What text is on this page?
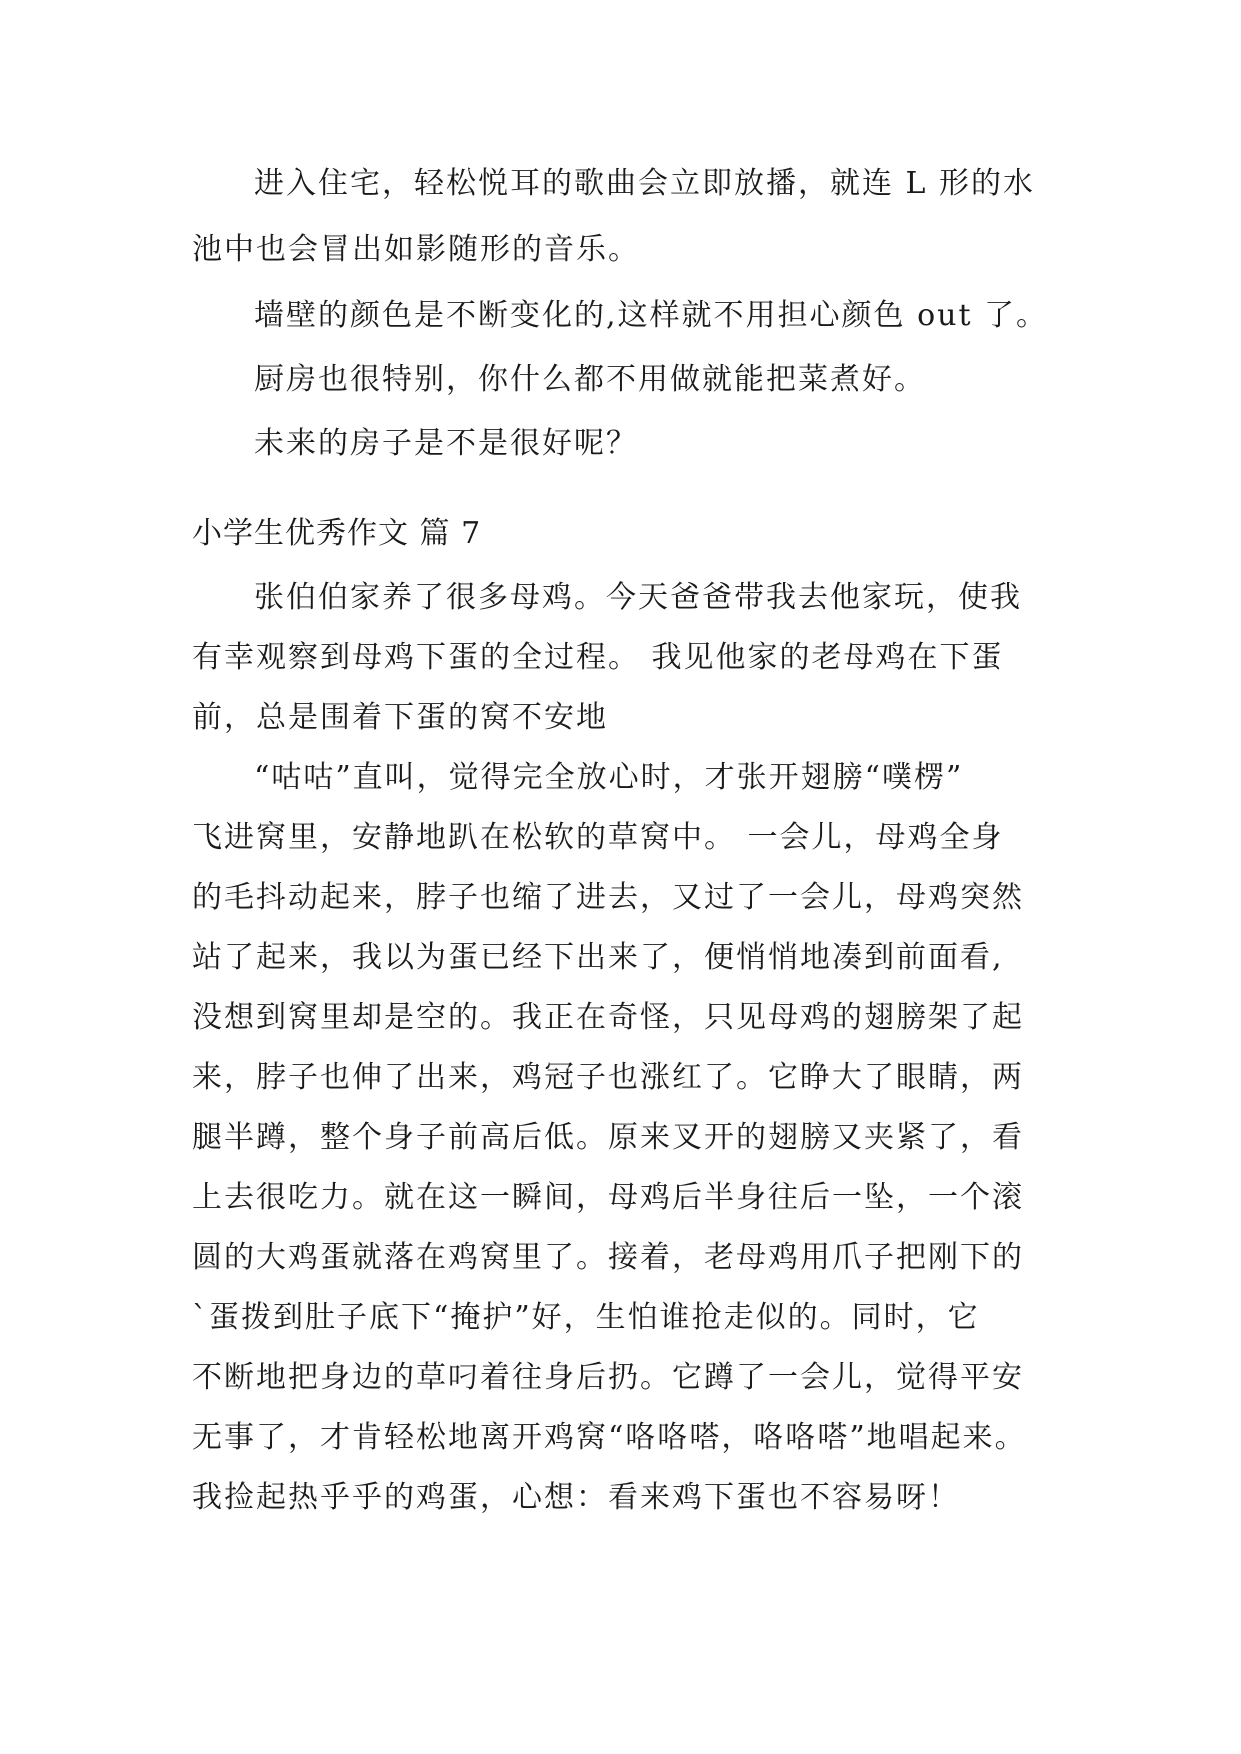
进入住宅，轻松悦耳的歌曲会立即放播，就连 L 形的水
池中也会冒出如影随形的音乐。
墙壁的颜色是不断变化的,这样就不用担心颜色 out 了。
厨房也很特别，你什么都不用做就能把菜煮好。
未来的房子是不是很好呢？
小学生优秀作文 篇 7
张伯伯家养了很多母鸡。今天爸爸带我去他家玩，使我
有幸观察到母鸡下蛋的全过程。 我见他家的老母鸡在下蛋
前，总是围着下蛋的窝不安地
“咕咕”直叫，觉得完全放心时，才张开翅膀“噗楞”
飞进窝里，安静地趴在松软的草窝中。 一会儿，母鸡全身
的毛抖动起来，脖子也缩了进去，又过了一会儿，母鸡突然
站了起来，我以为蛋已经下出来了，便悄悄地凑到前面看,
没想到窝里却是空的。我正在奇怪，只见母鸡的翅膀架了起
来，脖子也伸了出来，鸡冠子也涨红了。它睁大了眼睛，两
腿半蹲，整个身子前高后低。原来叉开的翅膀又夹紧了，看
上去很吃力。就在这一瞬间，母鸡后半身往后一坠，一个滚
圆的大鸡蛋就落在鸡窝里了。接着，老母鸡用爪子把刚下的
`蛋拨到肚子底下“掩护”好，生怕谁抢走似的。同时，它
不断地把身边的草叼着往身后扔。它蹲了一会儿，觉得平安
无事了，才肯轻松地离开鸡窝“咯咯嗒，咯咯嗒”地唱起来。
我捡起热乎乎的鸡蛋，心想：看来鸡下蛋也不容易呀！
